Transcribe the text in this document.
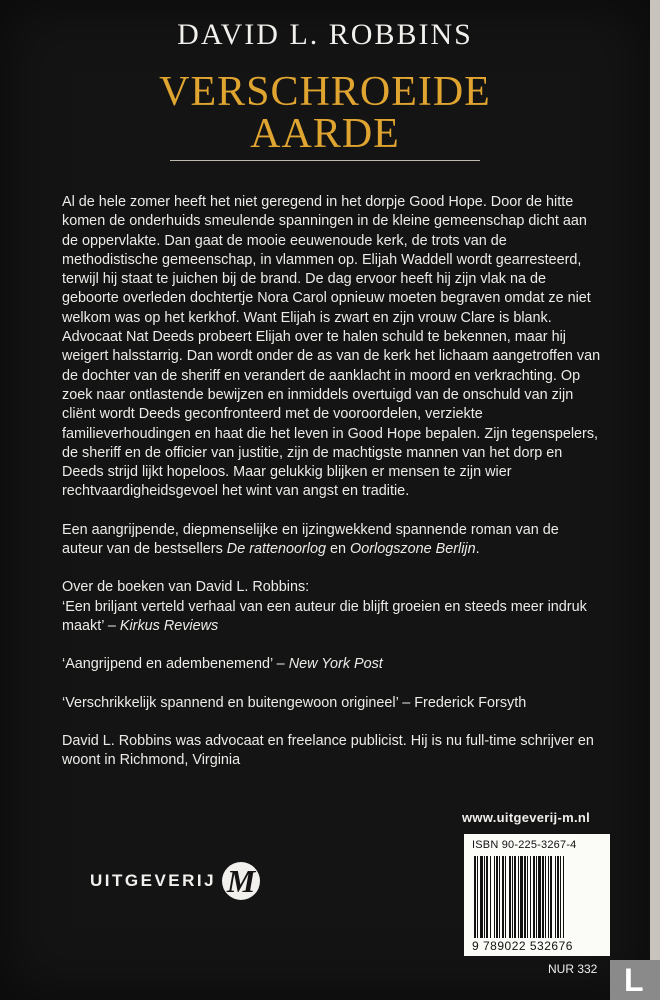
DAVID L. ROBBINS
VERSCHROEIDE
AARDE

Al de hele zomer heeft het niet geregend in het dorpje Good Hope. Door de hitte komen de onderhuids smeulende spanningen in de kleine gemeenschap dicht aan de oppervlakte. Dan gaat de mooie eeuwenoude kerk, de trots van de methodistische gemeenschap, in vlammen op. Elijah Waddell wordt gearresteerd, terwijl hij staat te juichen bij de brand. De dag ervoor heeft hij zijn vlak na de geboorte overleden dochtertje Nora Carol opnieuw moeten begraven omdat ze niet welkom was op het kerkhof. Want Elijah is zwart en zijn vrouw Clare is blank.

Advocaat Nat Deeds probeert Elijah over te halen schuld te bekennen, maar hij weigert halsstarrig. Dan wordt onder de as van de kerk het lichaam aangetroffen van de dochter van de sheriff en verandert de aanklacht in moord en verkrachting. Op zoek naar ontlastende bewijzen en inmiddels overtuigd van de onschuld van zijn cliënt wordt Deeds geconfronteerd met de vooroordelen, verziekte familieverhoudingen en haat die het leven in Good Hope bepalen. Zijn tegenspelers, de sheriff en de officier van justitie, zijn de machtigste mannen van het dorp en Deeds strijd lijkt hopeloos. Maar gelukkig blijken er mensen te zijn wier rechtvaardigheidsgevoel het wint van angst en traditie.

Een aangrijpende, diepmenselijke en ijzingwekkend spannende roman van de auteur van de bestsellers De rattenoorlog en Oorlogszone Berlijn.

Over de boeken van David L. Robbins:

‘Een briljant verteld verhaal van een auteur die blijft groeien en steeds meer indruk maakt’ – Kirkus Reviews

‘Aangrijpend en adembenemend’ – New York Post

‘Verschrikkelijk spannend en buitengewoon origineel’ – Frederick Forsyth

David L. Robbins was advocaat en freelance publicist. Hij is nu full-time schrijver en woont in Richmond, Virginia

www.uitgeverij-m.nl
UITGEVERIJ M
ISBN 90-225-3267-4
9 789022 532676
NUR 332 L
